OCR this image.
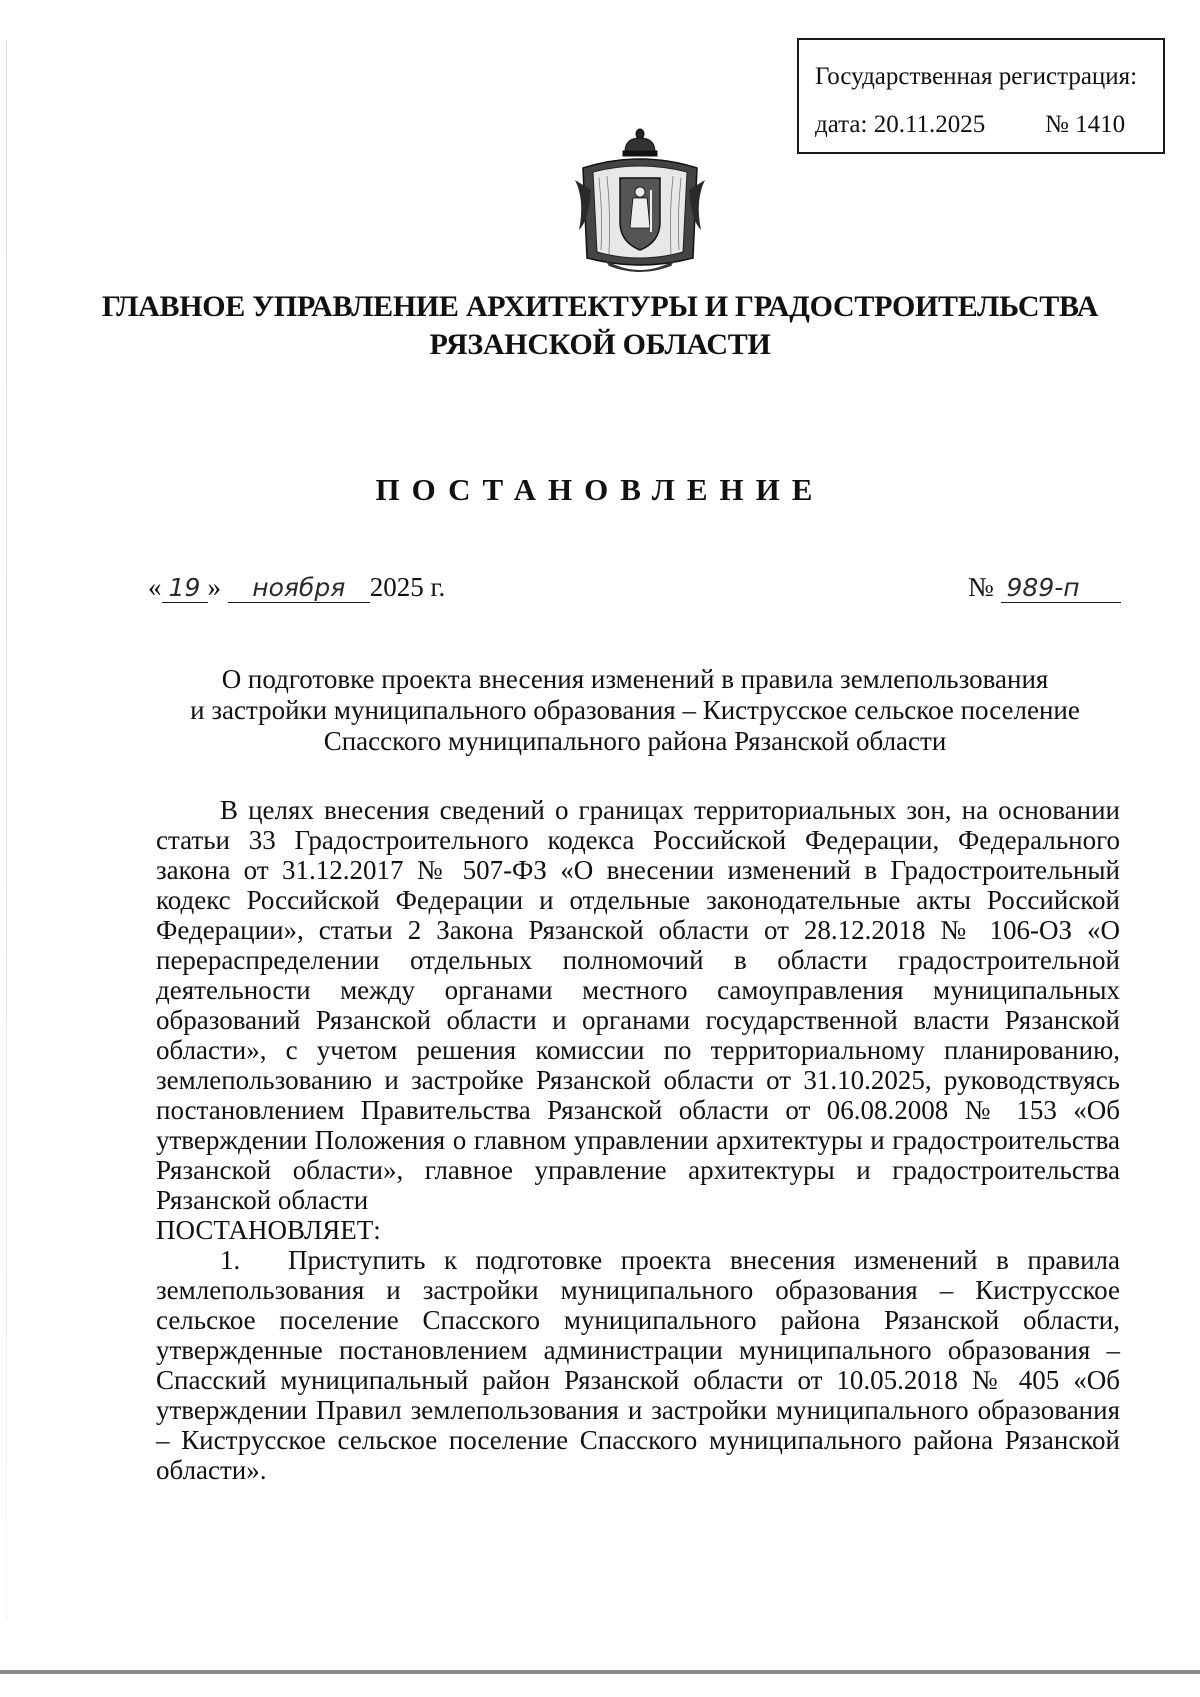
Государственная регистрация:
дата: 20.11.2025 № 1410
ГЛАВНОЕ УПРАВЛЕНИЕ АРХИТЕКТУРЫ И ГРАДОСТРОИТЕЛЬСТВА
РЯЗАНСКОЙ ОБЛАСТИ
ПОСТАНОВЛЕНИЕ
« 19 » ноября 2025 г.	№ 989-п
О подготовке проекта внесения изменений в правила землепользования
и застройки муниципального образования – Киструсское сельское поселение
Спасского муниципального района Рязанской области

В целях внесения сведений о границах территориальных зон, на основании статьи 33 Градостроительного кодекса Российской Федерации, Федерального закона от 31.12.2017 № 507-ФЗ «О внесении изменений в Градостроительный кодекс Российской Федерации и отдельные законодательные акты Российской Федерации», статьи 2 Закона Рязанской области от 28.12.2018 № 106-ОЗ «О перераспределении отдельных полномочий в области градостроительной деятельности между органами местного самоуправления муниципальных образований Рязанской области и органами государственной власти Рязанской области», с учетом решения комиссии по территориальному планированию, землепользованию и застройке Рязанской области от 31.10.2025, руководствуясь постановлением Правительства Рязанской области от 06.08.2008 № 153 «Об утверждении Положения о главном управлении архитектуры и градостроительства Рязанской области», главное управление архитектуры и градостроительства Рязанской области
ПОСТАНОВЛЯЕТ:

1. Приступить к подготовке проекта внесения изменений в правила землепользования и застройки муниципального образования – Киструсское сельское поселение Спасского муниципального района Рязанской области, утвержденные постановлением администрации муниципального образования – Спасский муниципальный район Рязанской области от 10.05.2018 № 405 «Об утверждении Правил землепользования и застройки муниципального образования – Киструсское сельское поселение Спасского муниципального района Рязанской области».
